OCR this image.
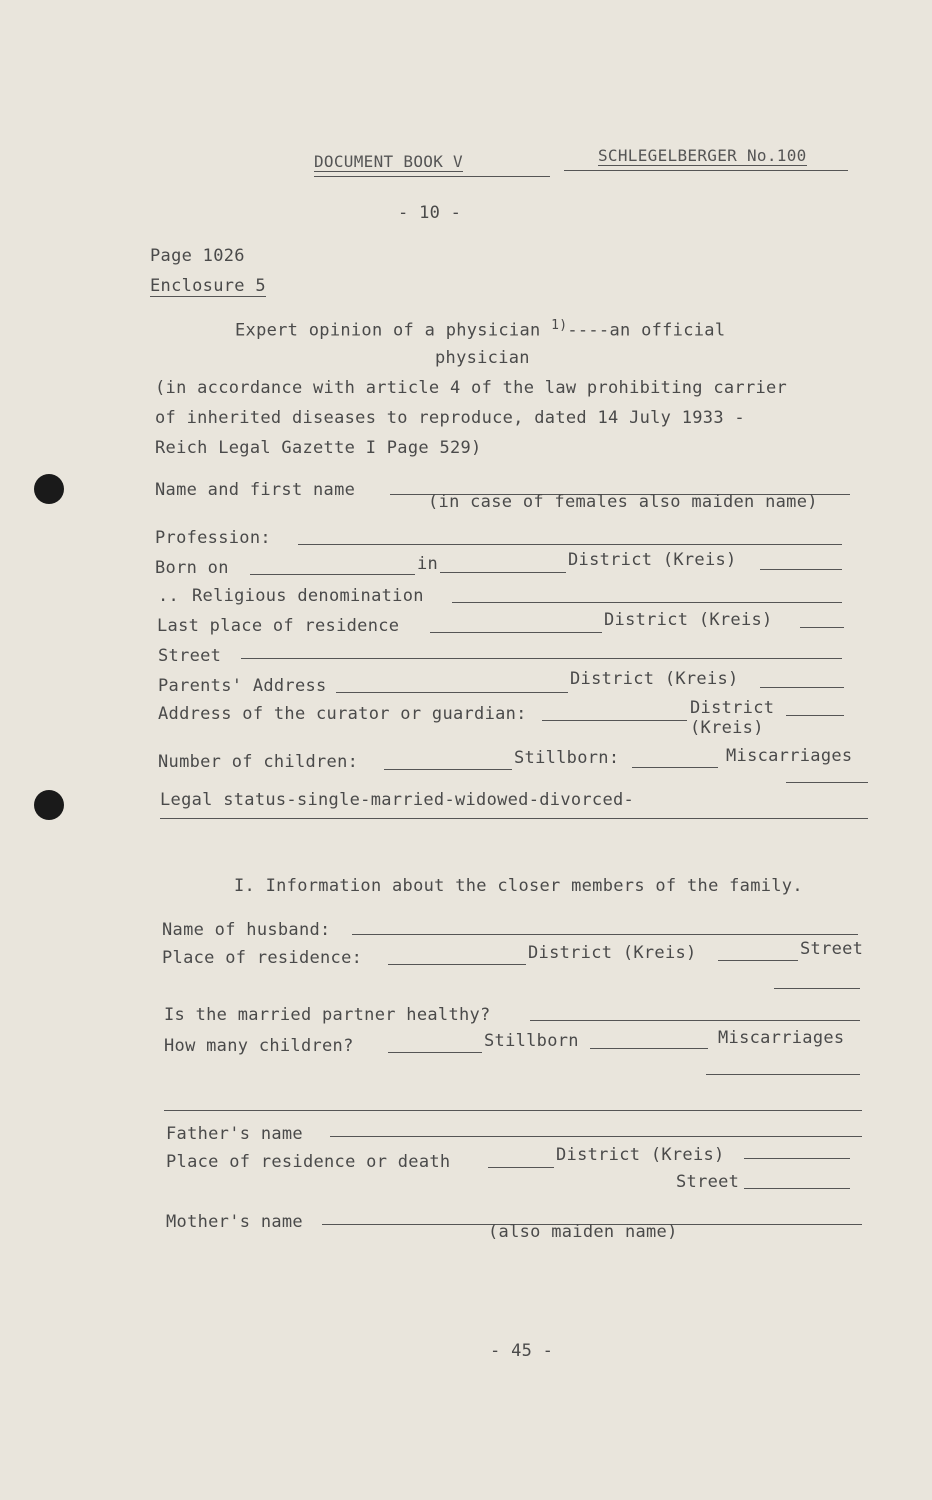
DOCUMENT BOOK V	SCHLEGELBERGER No.100
- 10 -
Page 1026
Enclosure 5
Expert opinion of a physician $^{1)}$----an official
physician
(in accordance with article 4 of the law prohibiting carrier
of inherited diseases to reproduce, dated 14 July 1933 -
Reich Legal Gazette I Page 529)
Name and first name
(in case of females also maiden name)
Profession:
Born on	in	District (Kreis)
.. Religious denomination
Last place of residence	District (Kreis)
Street
Parents' Address	District (Kreis)
Address of the curator or guardian:	District
(Kreis)
Number of children:	Stillborn:	Miscarriages
Legal status-single-married-widowed-divorced-
I. Information about the closer members of the family.
Name of husband:
Place of residence:	District (Kreis)	Street
Is the married partner healthy?
How many children?	Stillborn	Miscarriages
Father's name
Place of residence or death	District (Kreis)
Street
Mother's name	(also maiden name)
- 45 -
